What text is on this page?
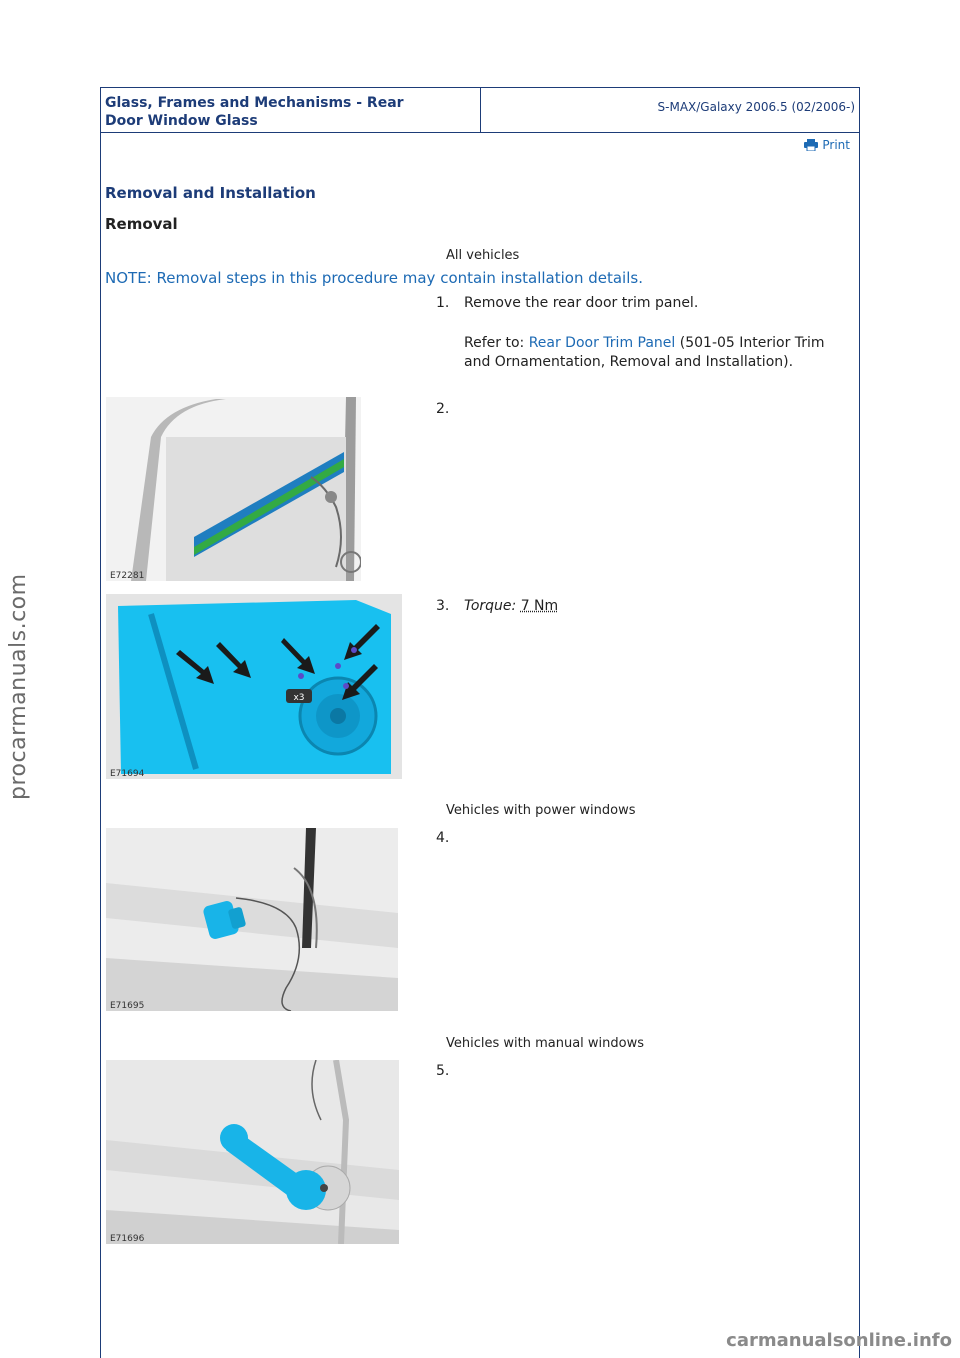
Glass, Frames and Mechanisms - Rear
Door Window Glass
S-MAX/Galaxy 2006.5 (02/2006-)
Print
Removal and Installation
Removal
All vehicles
NOTE: Removal steps in this procedure may contain installation details.
1. Remove the rear door trim panel.
Refer to: Rear Door Trim Panel (501-05 Interior Trim and Ornamentation, Removal and Installation).
E72281
2.
x3
E71694
3. Torque: 7 Nm
Vehicles with power windows
E71695
4.
Vehicles with manual windows
E71696
5.
procarmanuals.com
carmanualsonline.info
